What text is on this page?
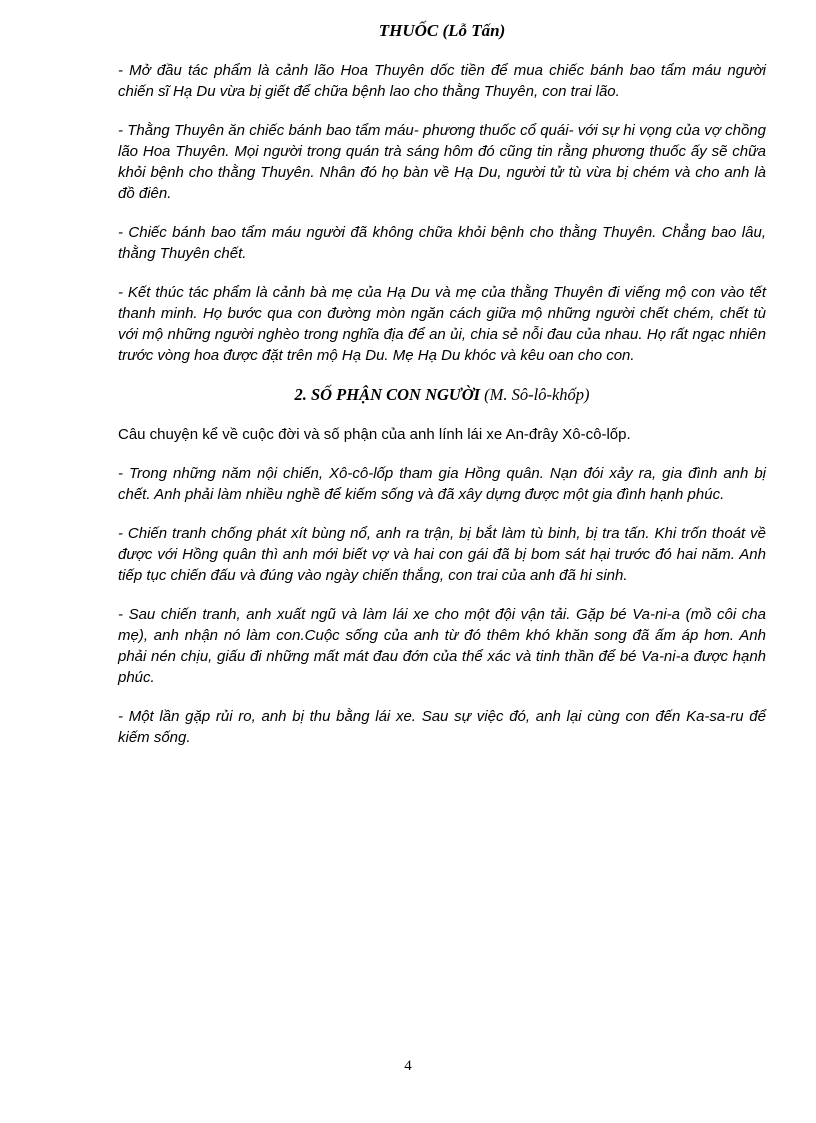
THUỐC (Lỗ Tấn)

- Mở đầu tác phẩm là cảnh lão Hoa Thuyên dốc tiền để mua chiếc bánh bao tẩm máu người chiến sĩ Hạ Du vừa bị giết để chữa bệnh lao cho thằng Thuyên, con trai lão.

- Thằng Thuyên ăn chiếc bánh bao tẩm máu- phương thuốc cổ quái- với sự hi vọng của vợ chồng lão Hoa Thuyên. Mọi người trong quán trà sáng hôm đó cũng tin rằng phương thuốc ấy sẽ chữa khỏi bệnh cho thằng Thuyên. Nhân đó họ bàn về Hạ Du, người tử tù vừa bị chém và cho anh là đồ điên.

- Chiếc bánh bao tẩm máu người đã không chữa khỏi bệnh cho thằng Thuyên. Chẳng bao lâu, thằng Thuyên chết.

- Kết thúc tác phẩm là cảnh bà mẹ của Hạ Du và mẹ của thằng Thuyên đi viếng mộ con vào tết thanh minh. Họ bước qua con đường mòn ngăn cách giữa mộ những người chết chém, chết tù với mộ những người nghèo trong nghĩa địa để an ủi, chia sẻ nỗi đau của nhau. Họ rất ngạc nhiên trước vòng hoa được đặt trên mộ Hạ Du. Mẹ Hạ Du khóc và kêu oan cho con.

2. SỐ PHẬN CON NGƯỜI (M. Sô-lô-khốp)

Câu chuyện kể về cuộc đời và số phận của anh lính lái xe An-đrây Xô-cô-lốp.

- Trong những năm nội chiến, Xô-cô-lốp tham gia Hồng quân. Nạn đói xảy ra, gia đình anh bị chết. Anh phải làm nhiều nghề để kiếm sống và đã xây dựng được một gia đình hạnh phúc.

- Chiến tranh chống phát xít bùng nổ, anh ra trận, bị bắt làm tù binh, bị tra tấn. Khi trốn thoát về được với Hồng quân thì anh mới biết vợ và hai con gái đã bị bom sát hại trước đó hai năm. Anh tiếp tục chiến đấu và đúng vào ngày chiến thắng, con trai của anh đã hi sinh.

- Sau chiến tranh, anh xuất ngũ và làm lái xe cho một đội vận tải. Gặp bé Va-ni-a (mồ côi cha mẹ), anh nhận nó làm con.Cuộc sống của anh từ đó thêm khó khăn song đã ấm áp hơn. Anh phải nén chịu, giấu đi những mất mát đau đớn của thể xác và tinh thần để bé Va-ni-a được hạnh phúc.

- Một lần gặp rủi ro, anh bị thu bằng lái xe. Sau sự việc đó, anh lại cùng con đến Ka-sa-ru để kiếm sống.

4
